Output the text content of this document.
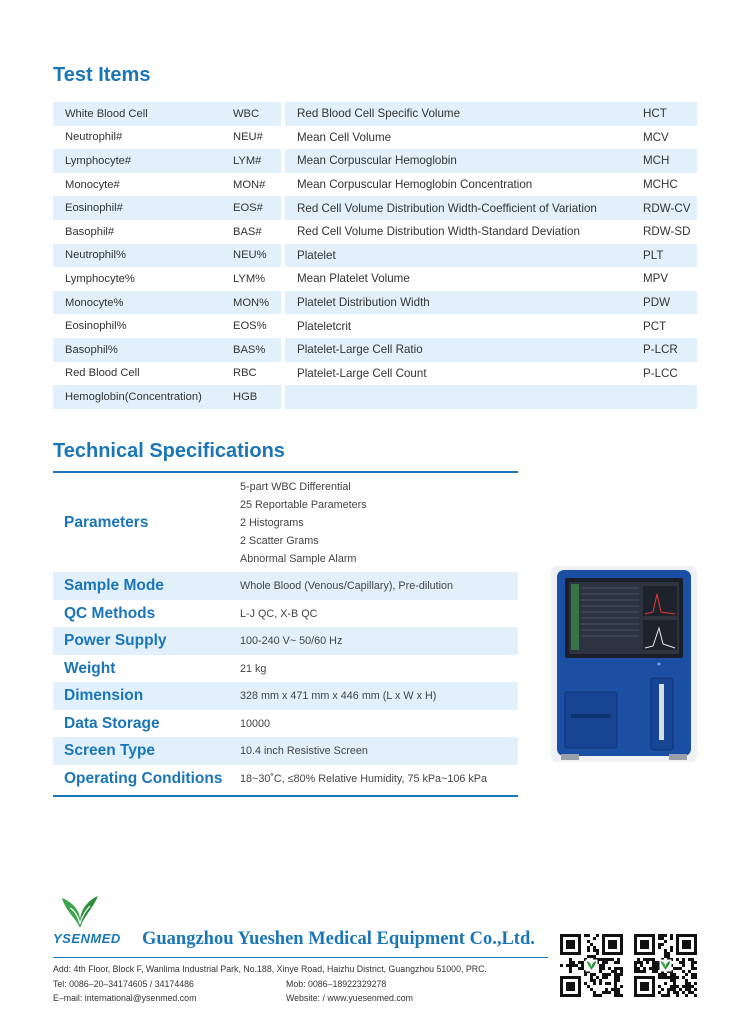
Test Items
White Blood Cell	WBC
Neutrophil#	NEU#
Lymphocyte#	LYM#
Monocyte#	MON#
Eosinophil#	EOS#
Basophil#	BAS#
Neutrophil%	NEU%
Lymphocyte%	LYM%
Monocyte%	MON%
Eosinophil%	EOS%
Basophil%	BAS%
Red Blood Cell	RBC
Hemoglobin(Concentration)	HGB
Red Blood Cell Specific Volume	HCT
Mean Cell Volume	MCV
Mean Corpuscular Hemoglobin	MCH
Mean Corpuscular Hemoglobin Concentration	MCHC
Red Cell Volume Distribution Width-Coefficient of Variation	RDW-CV
Red Cell Volume Distribution Width-Standard Deviation	RDW-SD
Platelet	PLT
Mean Platelet Volume	MPV
Platelet Distribution Width	PDW
Plateletcrit	PCT
Platelet-Large Cell Ratio	P-LCR
Platelet-Large Cell Count	P-LCC
Technical Specifications
Parameters
5-part WBC Differential
25 Reportable Parameters
2 Histograms
2 Scatter Grams
Abnormal Sample Alarm
Sample Mode	Whole Blood (Venous/Capillary), Pre-dilution
QC Methods	L-J QC, X-B QC
Power Supply	100-240 V~ 50/60 Hz
Weight	21 kg
Dimension	328 mm x 471 mm x 446 mm (L x W x H)
Data Storage	10000
Screen Type	10.4 inch Resistive Screen
Operating Conditions	18~30˚C, ≤80% Relative Humidity, 75 kPa~106 kPa
YSENMED Guangzhou Yueshen Medical Equipment Co.,Ltd.
Add: 4th Floor, Block F, Wanlima Industrial Park, No.188, Xinye Road, Haizhu District, Guangzhou 51000, PRC.
Tel: 0086–20–34174605 / 34174486	Mob: 0086–18922329278
E–mail: international@ysenmed.com	Website: / www.yuesenmed.com
